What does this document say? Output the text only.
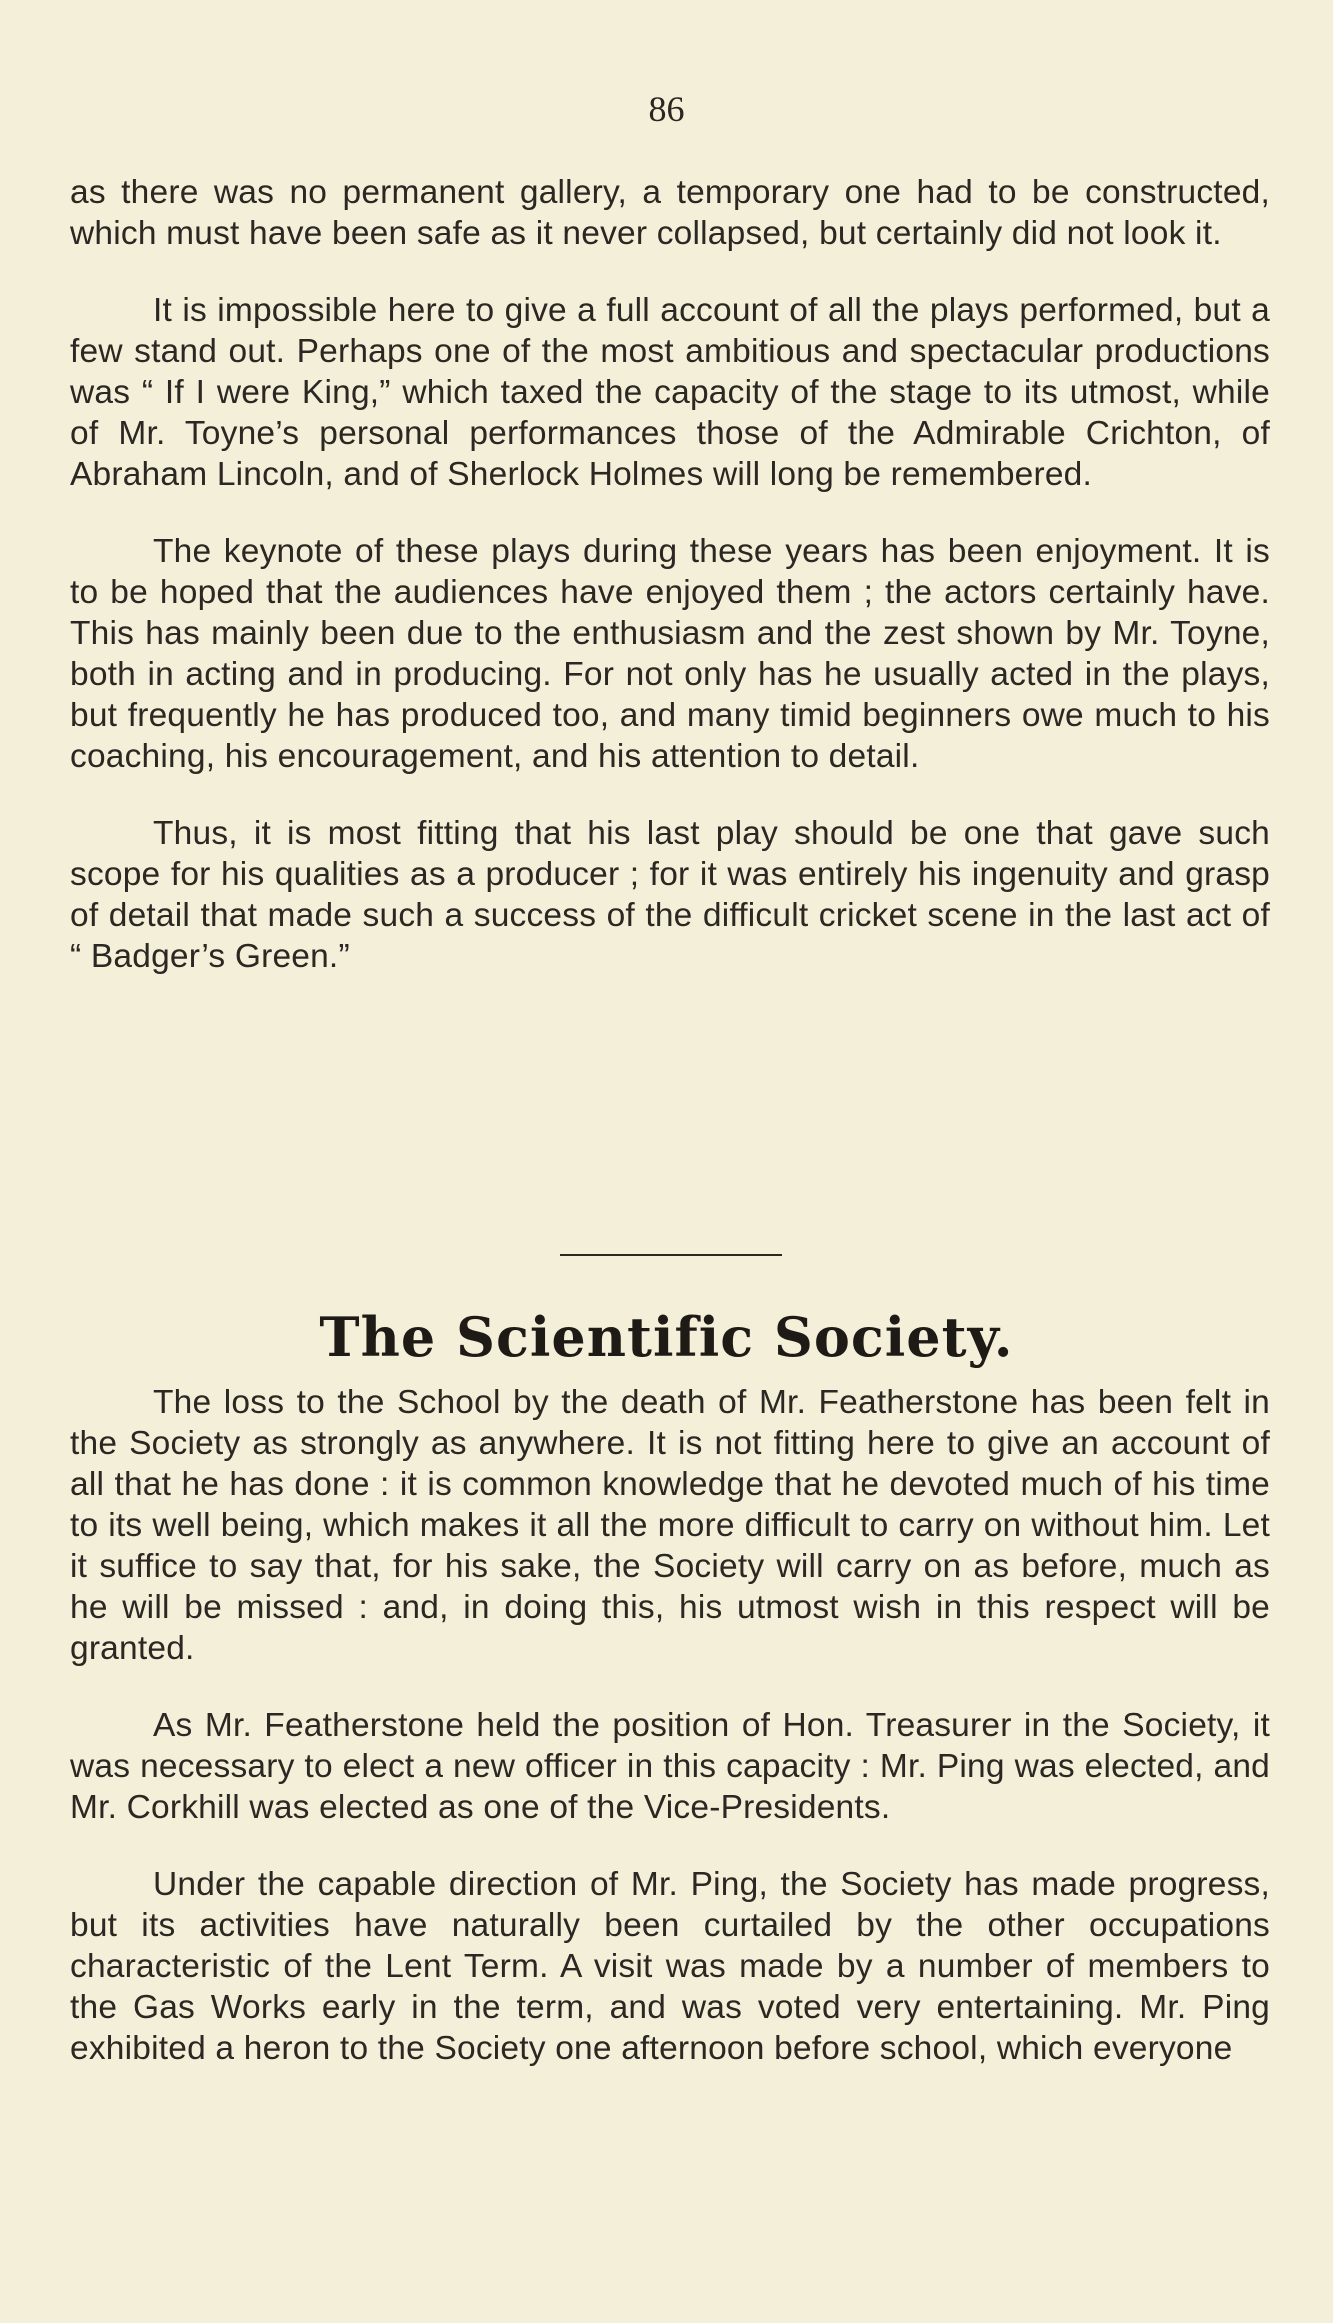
86

as there was no permanent gallery, a temporary one had to be constructed, which must have been safe as it never collapsed, but certainly did not look it.

It is impossible here to give a full account of all the plays performed, but a few stand out. Perhaps one of the most ambitious and spectacular productions was “ If I were King,” which taxed the capacity of the stage to its utmost, while of Mr. Toyne’s personal performances those of the Admirable Crichton, of Abraham Lincoln, and of Sherlock Holmes will long be remembered.

The keynote of these plays during these years has been enjoyment. It is to be hoped that the audiences have enjoyed them ; the actors certainly have. This has mainly been due to the enthusiasm and the zest shown by Mr. Toyne, both in acting and in producing. For not only has he usually acted in the plays, but frequently he has produced too, and many timid beginners owe much to his coaching, his encouragement, and his attention to detail.

Thus, it is most fitting that his last play should be one that gave such scope for his qualities as a producer ; for it was entirely his ingenuity and grasp of detail that made such a success of the difficult cricket scene in the last act of “ Badger’s Green.”

The Scientific Society.

The loss to the School by the death of Mr. Featherstone has been felt in the Society as strongly as anywhere. It is not fitting here to give an account of all that he has done : it is common knowledge that he devoted much of his time to its well being, which makes it all the more difficult to carry on without him. Let it suffice to say that, for his sake, the Society will carry on as before, much as he will be missed : and, in doing this, his utmost wish in this respect will be granted.

As Mr. Featherstone held the position of Hon. Treasurer in the Society, it was necessary to elect a new officer in this capacity : Mr. Ping was elected, and Mr. Corkhill was elected as one of the Vice-Presidents.

Under the capable direction of Mr. Ping, the Society has made progress, but its activities have naturally been curtailed by the other occupations characteristic of the Lent Term. A visit was made by a number of members to the Gas Works early in the term, and was voted very entertaining. Mr. Ping exhibited a heron to the Society one afternoon before school, which everyone
